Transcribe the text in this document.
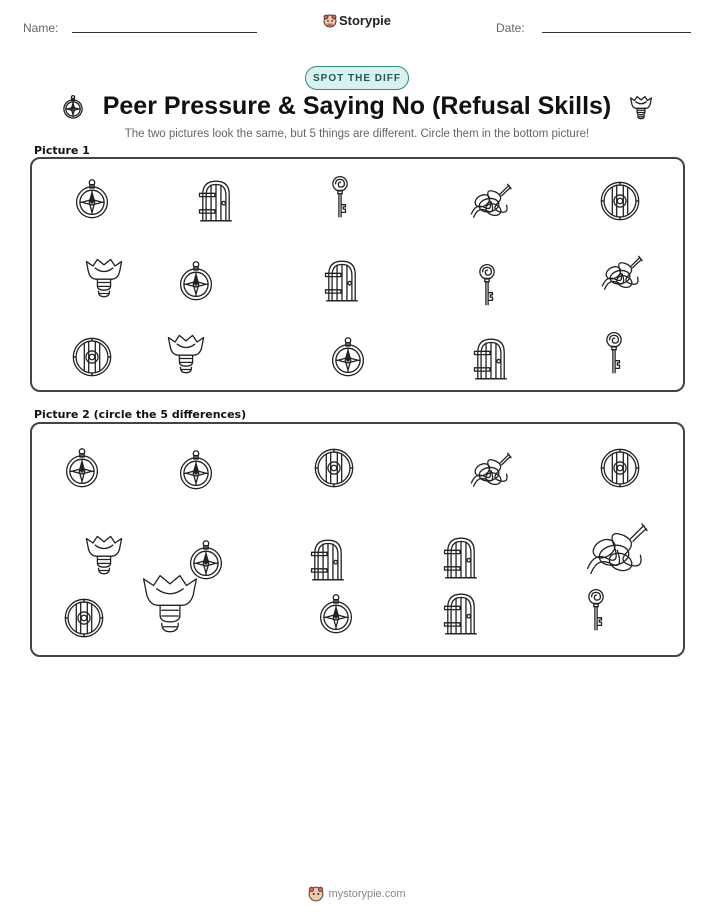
Name:	Storypie	Date:
SPOT THE DIFF
Peer Pressure & Saying No (Refusal Skills)
The two pictures look the same, but 5 things are different. Circle them in the bottom picture!
Picture 1
Picture 2 (circle the 5 differences)
mystorypie.com
